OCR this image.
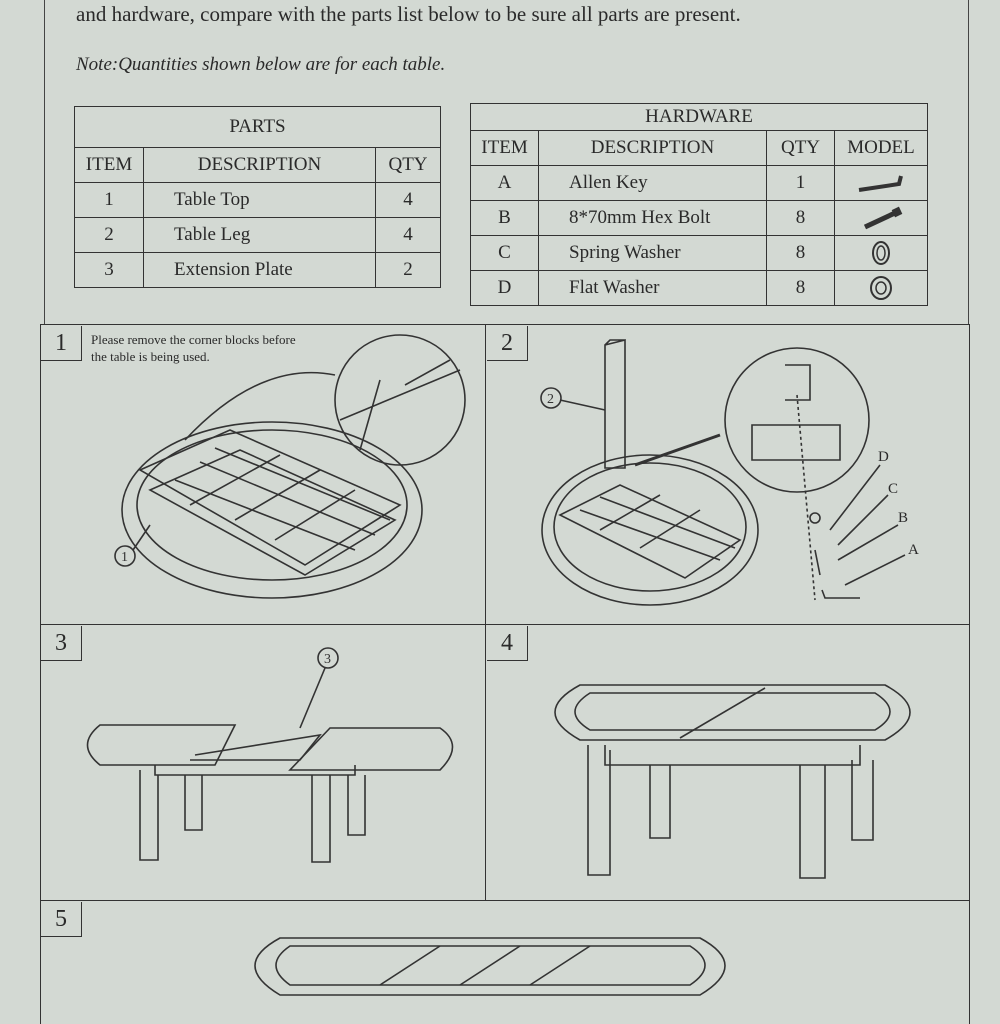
and hardware, compare with the parts list below to be sure all parts are present.
Note:Quantities shown below are for each table.
PARTS		
ITEM	DESCRIPTION	QTY
1	Table Top	4
2	Table Leg	4
3	Extension Plate	2
HARDWARE			
ITEM	DESCRIPTION	QTY	MODEL
A	Allen Key	1	
B	8*70mm Hex Bolt	8	
C	Spring Washer	8	
D	Flat Washer	8	
1	2
3	4
5
Please remove the corner blocks before the table is being used.
1
2
3
D
C
B
A
